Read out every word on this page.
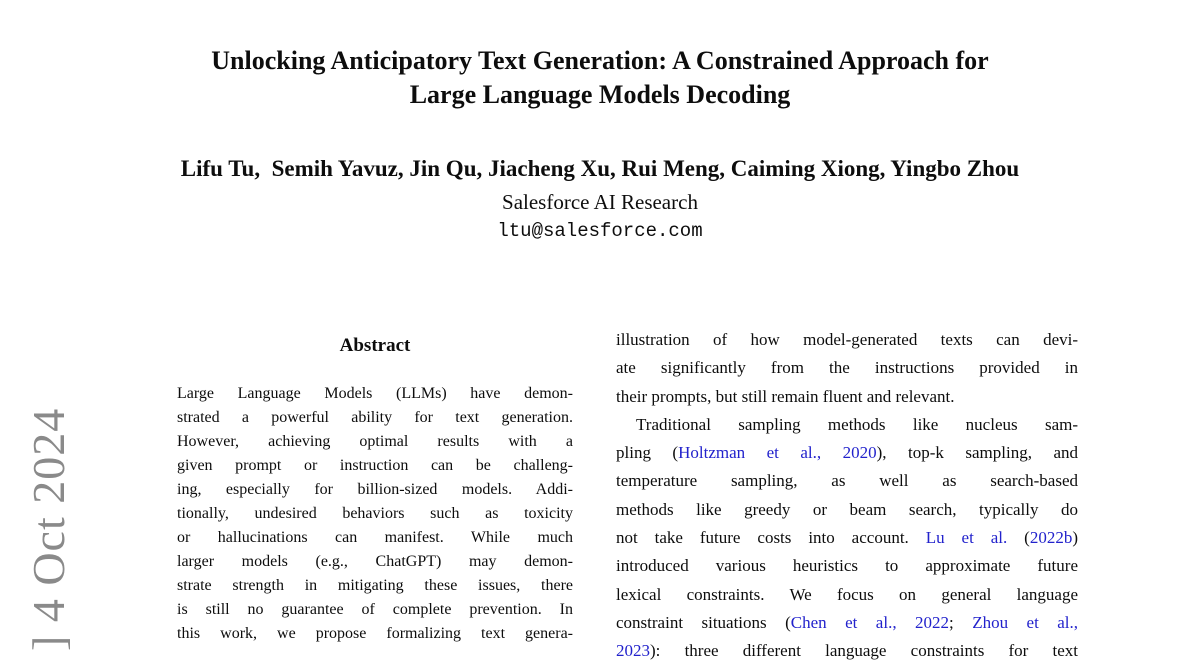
] 4 Oct 2024
Unlocking Anticipatory Text Generation: A Constrained Approach for
Large Language Models Decoding
Lifu Tu,  Semih Yavuz, Jin Qu, Jiacheng Xu, Rui Meng, Caiming Xiong, Yingbo Zhou
Salesforce AI Research
ltu@salesforce.com
Abstract
Large Language Models (LLMs) have demon-
strated a powerful ability for text generation.
However, achieving optimal results with a
given prompt or instruction can be challeng-
ing, especially for billion-sized models. Addi-
tionally, undesired behaviors such as toxicity
or hallucinations can manifest. While much
larger models (e.g., ChatGPT) may demon-
strate strength in mitigating these issues, there
is still no guarantee of complete prevention. In
this work, we propose formalizing text genera-
illustration of how model-generated texts can devi-
ate significantly from the instructions provided in
their prompts, but still remain fluent and relevant.
Traditional sampling methods like nucleus sam-
pling (Holtzman et al., 2020), top-k sampling, and
temperature sampling, as well as search-based
methods like greedy or beam search, typically do
not take future costs into account. Lu et al. (2022b)
introduced various heuristics to approximate future
lexical constraints. We focus on general language
constraint situations (Chen et al., 2022; Zhou et al.,
2023): three different language constraints for text
